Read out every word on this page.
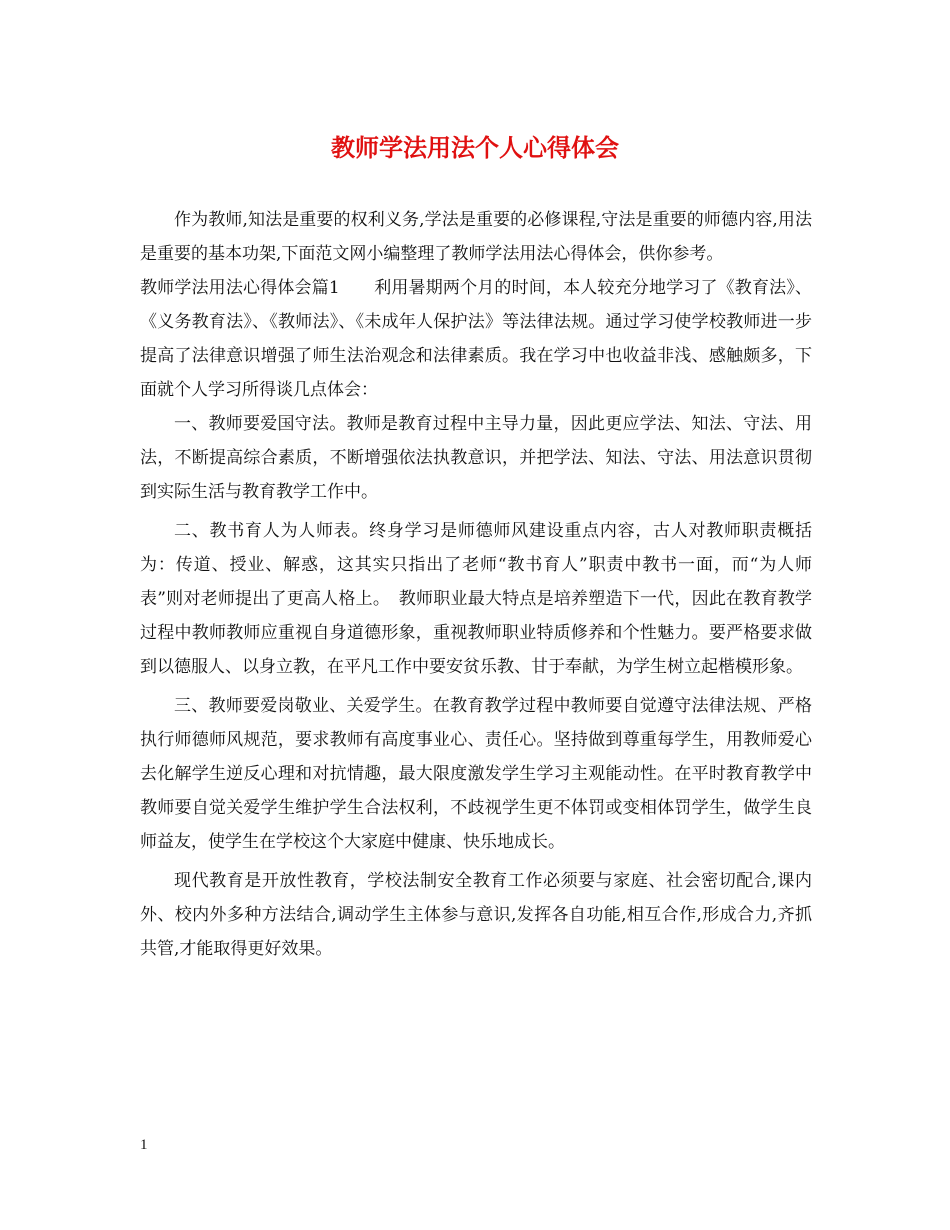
教师学法用法个人心得体会

作为教师,知法是重要的权利义务,学法是重要的必修课程,守法是重要的师德内容,用法是重要的基本功架,下面范文网小编整理了教师学法用法心得体会，供你参考。

教师学法用法心得体会篇1　　利用暑期两个月的时间，本人较充分地学习了《教育法》、《义务教育法》、《教师法》、《未成年人保护法》等法律法规。通过学习使学校教师进一步提高了法律意识增强了师生法治观念和法律素质。我在学习中也收益非浅、感触颇多，下面就个人学习所得谈几点体会：

一、教师要爱国守法。教师是教育过程中主导力量，因此更应学法、知法、守法、用法，不断提高综合素质，不断增强依法执教意识，并把学法、知法、守法、用法意识贯彻到实际生活与教育教学工作中。

二、教书育人为人师表。终身学习是师德师风建设重点内容，古人对教师职责概括为：传道、授业、解惑，这其实只指出了老师“教书育人”职责中教书一面，而“为人师表”则对老师提出了更高人格上。　教师职业最大特点是培养塑造下一代，因此在教育教学过程中教师教师应重视自身道德形象，重视教师职业特质修养和个性魅力。要严格要求做到以德服人、以身立教，在平凡工作中要安贫乐教、甘于奉献，为学生树立起楷模形象。

三、教师要爱岗敬业、关爱学生。在教育教学过程中教师要自觉遵守法律法规、严格执行师德师风规范，要求教师有高度事业心、责任心。坚持做到尊重每学生，用教师爱心去化解学生逆反心理和对抗情趣，最大限度激发学生学习主观能动性。在平时教育教学中教师要自觉关爱学生维护学生合法权利，不歧视学生更不体罚或变相体罚学生，做学生良师益友，使学生在学校这个大家庭中健康、快乐地成长。

现代教育是开放性教育，学校法制安全教育工作必须要与家庭、社会密切配合,课内外、校内外多种方法结合,调动学生主体参与意识,发挥各自功能,相互合作,形成合力,齐抓共管,才能取得更好效果。

1
